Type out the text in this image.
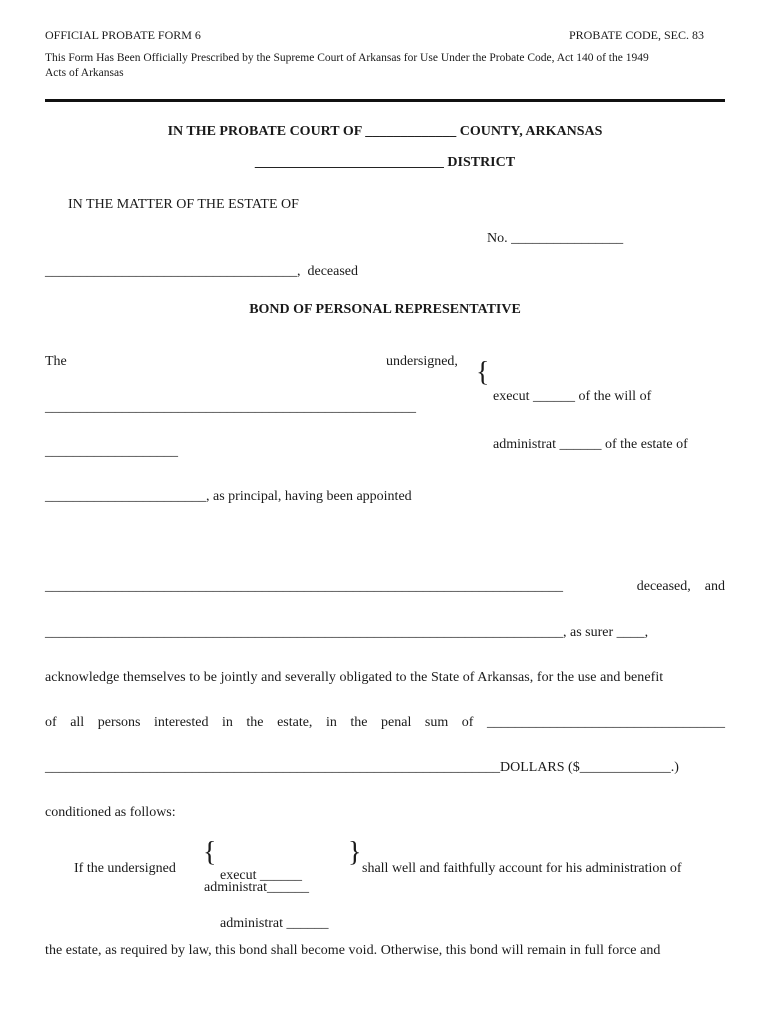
OFFICIAL PROBATE FORM 6	PROBATE CODE, SEC. 83
This Form Has Been Officially Prescribed by the Supreme Court of Arkansas for Use Under the Probate Code, Act 140 of the 1949
Acts of Arkansas
IN THE PROBATE COURT OF _____________ COUNTY, ARKANSAS
___________________________ DISTRICT
IN THE MATTER OF THE ESTATE OF
No. ________________
____________________________________,  deceased
BOND OF PERSONAL REPRESENTATIVE
The	undersigned, {

execut ______ of the will of

administrat ______ of the estate of

_____________________________________________________
___________________
_______________________, as principal, having been appointed
__________________________________________________________________________	deceased, and
__________________________________________________________________________, as surer ____,
acknowledge themselves to be jointly and severally obligated to the State of Arkansas, for the use and benefit
of all persons interested in the estate, in the penal sum of __________________________________
_________________________________________________________________DOLLARS ($_____________.)
conditioned as follows:
If the undersigned
{

execut ______

administrat ______

}
shall well and faithfully account for his administration of
administrat______
the estate, as required by law, this bond shall become void. Otherwise, this bond will remain in full force and
